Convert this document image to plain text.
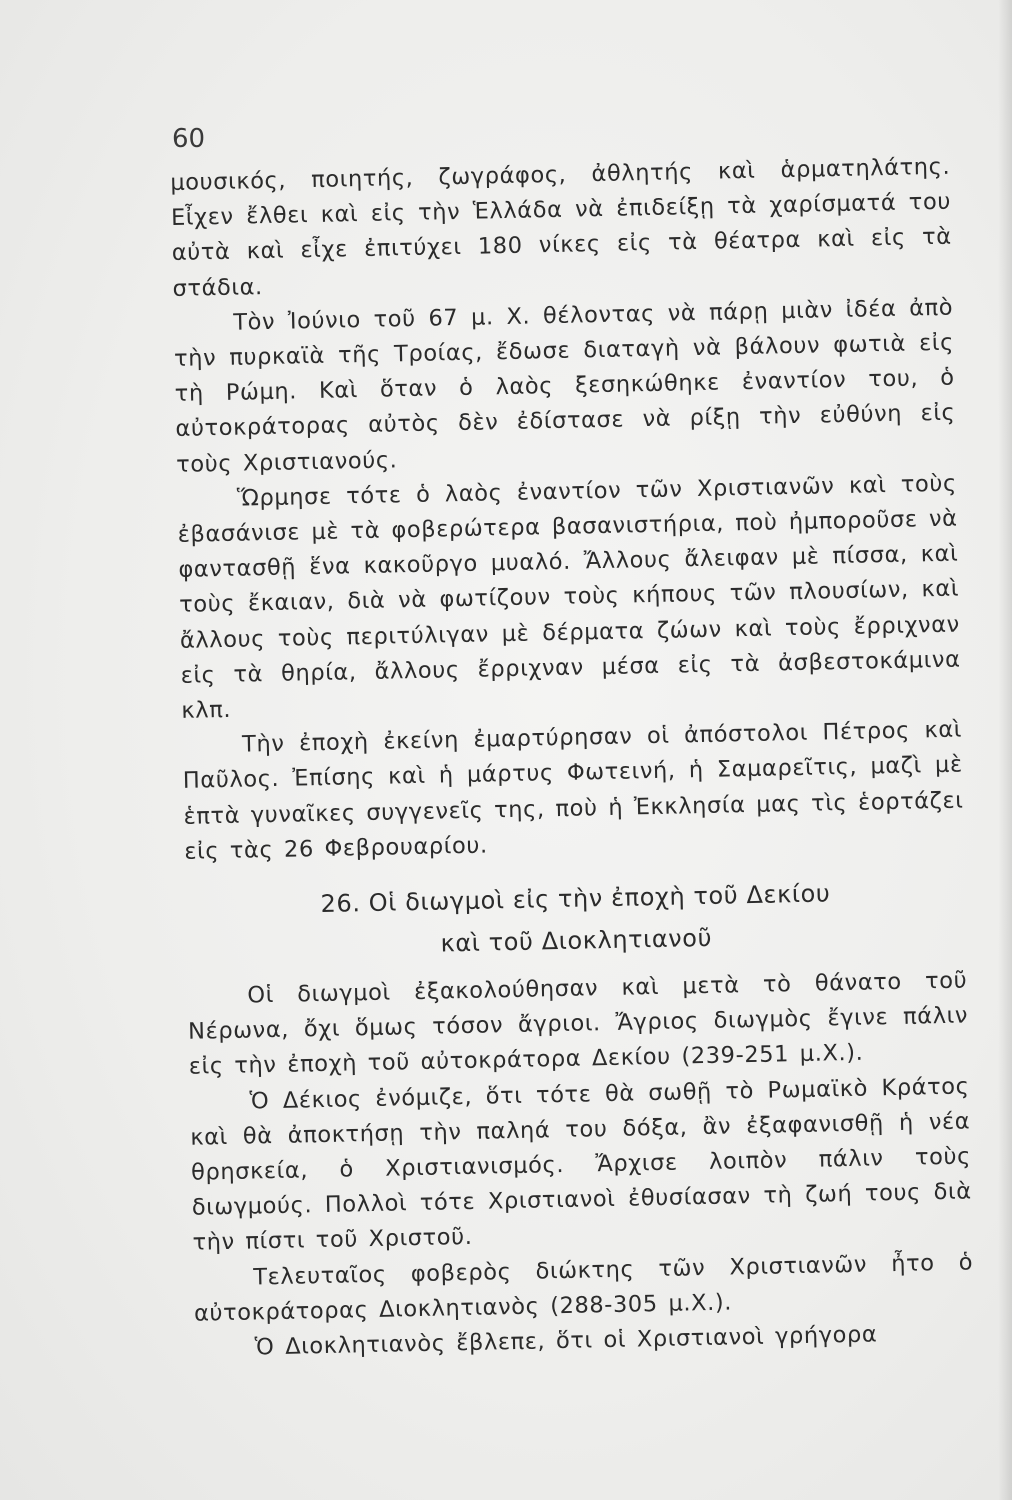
60

μουσικός, ποιητής, ζωγράφος, ἀθλητής καὶ ἁρματηλάτης. Εἶχεν ἔλθει καὶ εἰς τὴν Ἑλλάδα νὰ ἐπιδείξῃ τὰ χαρίσματά του αὐτὰ καὶ εἶχε ἐπιτύχει 180 νίκες εἰς τὰ θέατρα καὶ εἰς τὰ στάδια.

Τὸν Ἰούνιο τοῦ 67 μ. Χ. θέλοντας νὰ πάρῃ μιὰν ἰδέα ἀπὸ τὴν πυρκαϊὰ τῆς Τροίας, ἔδωσε διαταγὴ νὰ βάλουν φωτιὰ εἰς τὴ Ρώμη. Καὶ ὅταν ὁ λαὸς ξεσηκώθηκε ἐναντίον του, ὁ αὐτοκράτορας αὐτὸς δὲν ἐδίστασε νὰ ρίξῃ τὴν εὐθύνη εἰς τοὺς Χριστιανούς.

Ὥρμησε τότε ὁ λαὸς ἐναντίον τῶν Χριστιανῶν καὶ τοὺς ἐβασάνισε μὲ τὰ φοβερώτερα βασανιστήρια, ποὺ ἠμποροῦσε νὰ φαντασθῇ ἕνα κακοῦργο μυαλό. Ἄλλους ἄλειφαν μὲ πίσσα, καὶ τοὺς ἔκαιαν, διὰ νὰ φωτίζουν τοὺς κήπους τῶν πλουσίων, καὶ ἄλλους τοὺς περιτύλιγαν μὲ δέρματα ζώων καὶ τοὺς ἔρριχναν εἰς τὰ θηρία, ἄλλους ἔρριχναν μέσα εἰς τὰ ἀσβεστοκάμινα κλπ.

Τὴν ἐποχὴ ἐκείνη ἐμαρτύρησαν οἱ ἀπόστολοι Πέτρος καὶ Παῦλος. Ἐπίσης καὶ ἡ μάρτυς Φωτεινή, ἡ Σαμαρεῖτις, μαζὶ μὲ ἑπτὰ γυναῖκες συγγενεῖς της, ποὺ ἡ Ἐκκλησία μας τὶς ἑορτάζει εἰς τὰς 26 Φεβρουαρίου.

26. Οἱ διωγμοὶ εἰς τὴν ἐποχὴ τοῦ Δεκίου
καὶ τοῦ Διοκλητιανοῦ

Οἱ διωγμοὶ ἐξακολούθησαν καὶ μετὰ τὸ θάνατο τοῦ Νέρωνα, ὄχι ὅμως τόσον ἄγριοι. Ἄγριος διωγμὸς ἔγινε πάλιν εἰς τὴν ἐποχὴ τοῦ αὐτοκράτορα Δεκίου (239-251 μ.Χ.).

Ὁ Δέκιος ἐνόμιζε, ὅτι τότε θὰ σωθῇ τὸ Ρωμαϊκὸ Κράτος καὶ θὰ ἀποκτήσῃ τὴν παληά του δόξα, ἂν ἐξαφανισθῇ ἡ νέα θρησκεία, ὁ Χριστιανισμός. Ἄρχισε λοιπὸν πάλιν τοὺς διωγμούς. Πολλοὶ τότε Χριστιανοὶ ἐθυσίασαν τὴ ζωή τους διὰ τὴν πίστι τοῦ Χριστοῦ.

Τελευταῖος φοβερὸς διώκτης τῶν Χριστιανῶν ἦτο ὁ αὐτοκράτορας Διοκλητιανὸς (288-305 μ.Χ.).

Ὁ Διοκλητιανὸς ἔβλεπε, ὅτι οἱ Χριστιανοὶ γρήγορα
